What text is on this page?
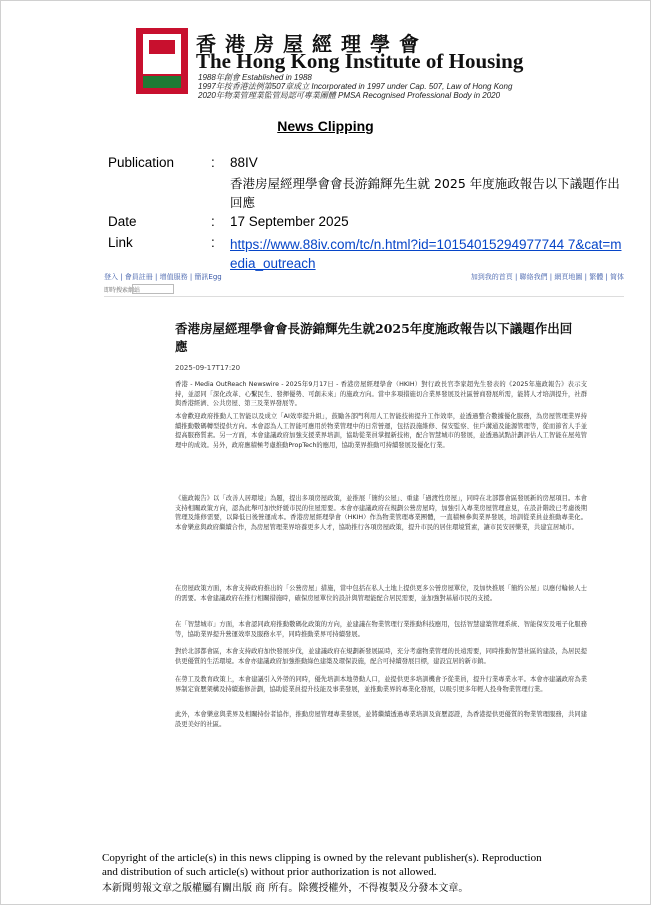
香港房屋經理學會
The Hong Kong Institute of Housing
1988年創會 Established in 1988
1997年按香港法例第507章成立 Incorporated in 1997 under Cap. 507, Law of Hong Kong
2020年物業管理業監管局認可專業團體 PMSA Recognised Professional Body in 2020
News Clipping
Publication	: 88IV
香港房屋經理學會會長游錦輝先生就 2025 年度施政報告以下議題作出回應
Date	: 17 September 2025
Link	: https://www.88iv.com/tc/n.html?id=10154015294977744 7&cat=media_outreach
登入 | 會員註冊 | 增值服務 | 簡訊Egg	加到我的首頁 | 聯絡我們 | 網頁地圖 | 繁體 | 简体
即時搜索網站
香港房屋經理學會會長游錦輝先生就2025年度施政報告以下議題作出回應
2025-09-17T17:20

香港 - Media OutReach Newswire - 2025年9月17日 - 香港房屋經理學會（HKIH）對行政長官李家超先生發表的《2025年施政報告》表示支持，並認同「深化改革、心繫民生、發揮優勢、可創未來」的施政方向。當中多項措施切合業界發展及社區營商發展所需，能將人才培訓提升，社群與香港經濟、公共房屋、第三及業界發展等。

本會歡迎政府推動人工智能以及成立「AI效率提升組」，鼓勵各部門利用人工智能技術提升工作效率，並透過整合數據優化服務，為房屋管理業界持續推動數碼轉型提供方向。本會認為人工智能可應用於物業管理中的日常營運，包括設施維修、保安監察、住戶溝通及能源管理等，從而節省人手並提高服務質素。另一方面，本會建議政府加強支援業界培訓，協助從業員掌握新技術，配合智慧城市的發展，並透過試點計劃評估人工智能在屋苑管理中的成效。另外，政府應積極考慮推動PropTech的應用，協助業界推動可持續發展及優化行業。

《施政報告》以「改善人居環境」為題，提出多項房屋政策，並推展「簡約公屋」、重建「過渡性房屋」，同時在北部都會區發展新的房屋項目。本會支持相關政策方向，認為此舉可加快紓緩市民的住屋需要。本會亦建議政府在規劃公營房屋時，加強引入專業房屋管理意見，在設計階段已考慮後期管理及維修需要，以降低日後營運成本。香港房屋經理學會（HKIH）作為物業管理專業團體，一直積極參與業界發展，培訓從業員並推動專業化。本會樂意與政府繼續合作，為房屋管理業界培養更多人才，協助推行各項房屋政策，提升市民的居住環境質素，讓市民安居樂業，共建宜居城市。

在房屋政策方面，本會支持政府推出的「公營房屋」措施，當中包括在私人土地上提供更多公營房屋單位，及加快推展「簡約公屋」以應付輪候人士的需要。本會建議政府在推行相關措施時，確保房屋單位的設計與管理能配合居民需要，並加強對基層市民的支援。

在「智慧城市」方面，本會認同政府推動數碼化政策的方向，並建議在物業管理行業推動科技應用，包括智慧建築管理系統、智能保安及電子化服務等，協助業界提升營運效率及服務水平，同時推動業界可持續發展。

對於北部都會區，本會支持政府加快發展步伐，並建議政府在規劃新發展區時，充分考慮物業管理的長遠需要，同時推動智慧社區的建設，為居民提供更優質的生活環境。本會亦建議政府加強推動綠色建築及環保設施，配合可持續發展目標，建設宜居的新市鎮。

在勞工及教育政策上，本會建議引入外勞的同時，優先培訓本地勞動人口，並提供更多培訓機會予從業員，提升行業專業水平。本會亦建議政府為業界制定資歷架構及持續進修計劃，協助從業員提升技能及事業發展，並推動業界的專業化發展，以吸引更多年輕人投身物業管理行業。

此外，本會樂意與業界及相關持份者協作，推動房屋管理專業發展，並將繼續透過專業培訓及資歷認證，為香港提供更優質的物業管理服務，共同建設更美好的社區。

Copyright of the article(s) in this news clipping is owned by the relevant publisher(s). Reproduction and distribution of such article(s) without prior authorization is not allowed.
本新聞剪報文章之版權屬有關出版 商 所有。除獲授權外，不得複製及分發本文章。
